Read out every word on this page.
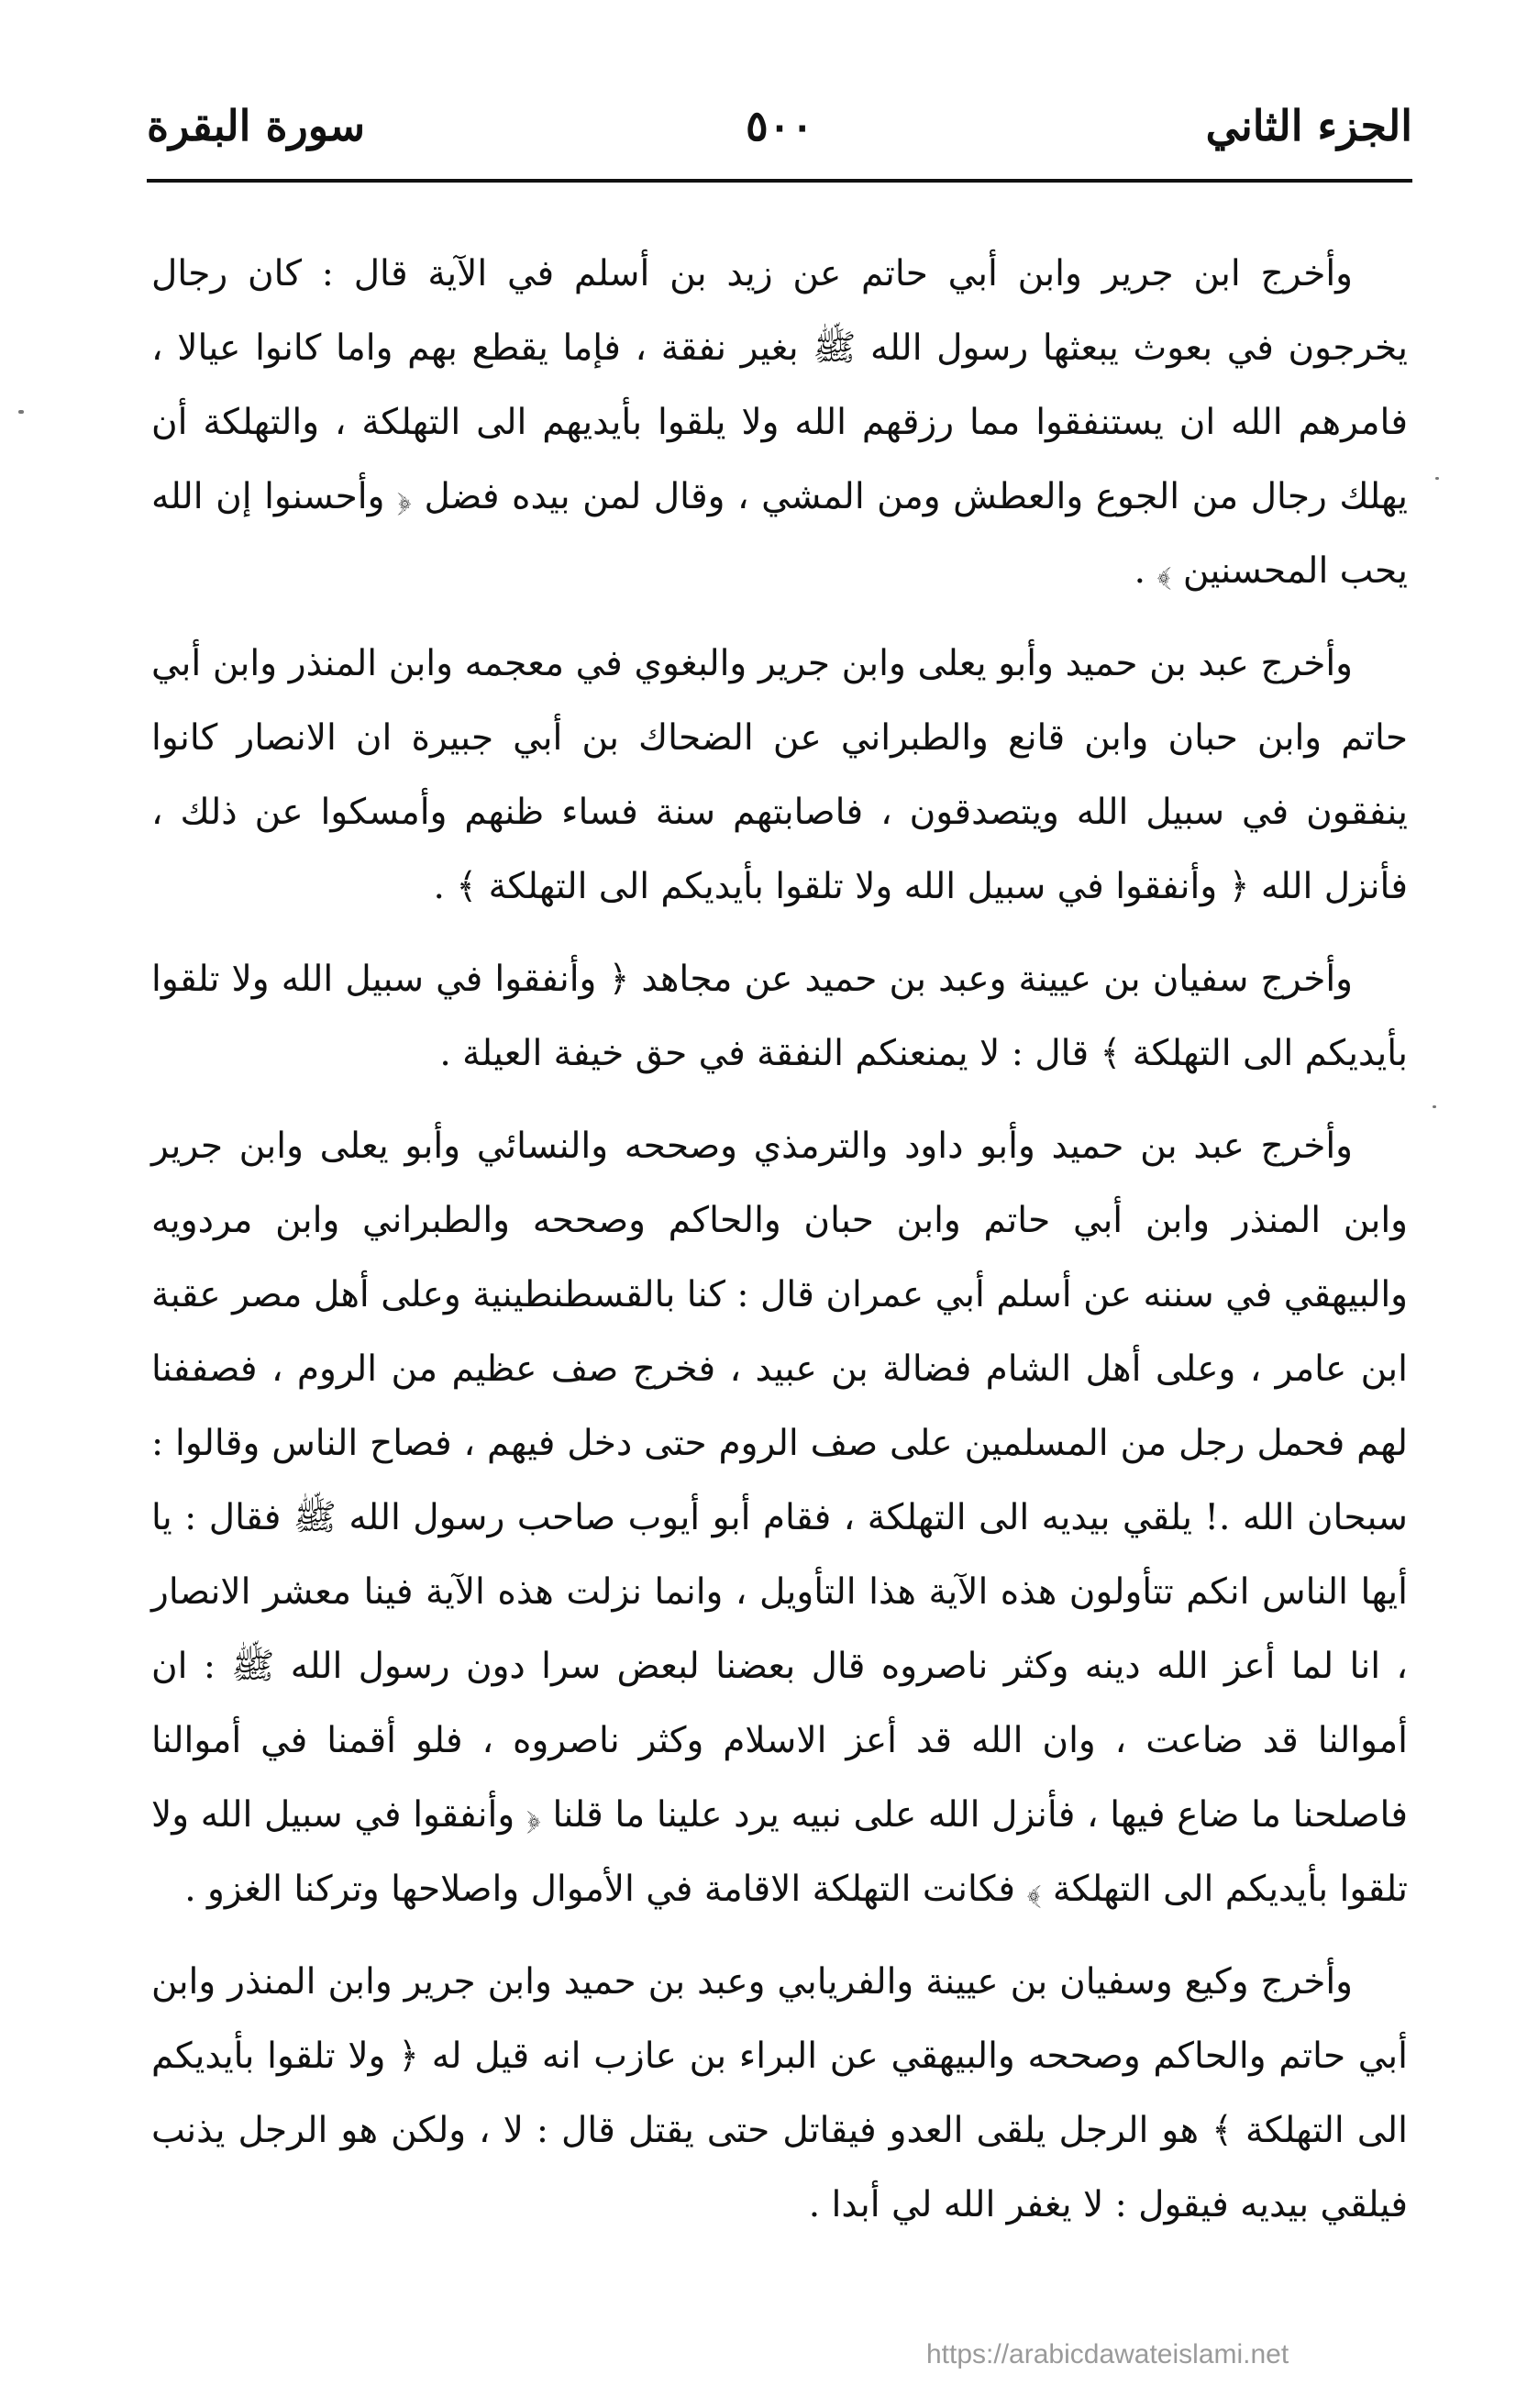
الجزء الثاني
٥٠٠
سورة البقرة

وأخرج ابن جرير وابن أبي حاتم عن زيد بن أسلم في الآية قال : كان رجال يخرجون في بعوث يبعثها رسول الله ﷺ بغير نفقة ، فإما يقطع بهم واما كانوا عيالا ، فامرهم الله ان يستنفقوا مما رزقهم الله ولا يلقوا بأيديهم الى التهلكة ، والتهلكة أن يهلك رجال من الجوع والعطش ومن المشي ، وقال لمن بيده فضل ﴿ وأحسنوا إن الله يحب المحسنين ﴾ .

وأخرج عبد بن حميد وأبو يعلى وابن جرير والبغوي في معجمه وابن المنذر وابن أبي حاتم وابن حبان وابن قانع والطبراني عن الضحاك بن أبي جبيرة ان الانصار كانوا ينفقون في سبيل الله ويتصدقون ، فاصابتهم سنة فساء ظنهم وأمسكوا عن ذلك ، فأنزل الله ﴿ وأنفقوا في سبيل الله ولا تلقوا بأيديكم الى التهلكة ﴾ .

وأخرج سفيان بن عيينة وعبد بن حميد عن مجاهد ﴿ وأنفقوا في سبيل الله ولا تلقوا بأيديكم الى التهلكة ﴾ قال : لا يمنعنكم النفقة في حق خيفة العيلة .

وأخرج عبد بن حميد وأبو داود والترمذي وصححه والنسائي وأبو يعلى وابن جرير وابن المنذر وابن أبي حاتم وابن حبان والحاكم وصححه والطبراني وابن مردويه والبيهقي في سننه عن أسلم أبي عمران قال : كنا بالقسطنطينية وعلى أهل مصر عقبة ابن عامر ، وعلى أهل الشام فضالة بن عبيد ، فخرج صف عظيم من الروم ، فصففنا لهم فحمل رجل من المسلمين على صف الروم حتى دخل فيهم ، فصاح الناس وقالوا : سبحان الله .! يلقي بيديه الى التهلكة ، فقام أبو أيوب صاحب رسول الله ﷺ فقال : يا أيها الناس انكم تتأولون هذه الآية هذا التأويل ، وانما نزلت هذه الآية فينا معشر الانصار ، انا لما أعز الله دينه وكثر ناصروه قال بعضنا لبعض سرا دون رسول الله ﷺ : ان أموالنا قد ضاعت ، وان الله قد أعز الاسلام وكثر ناصروه ، فلو أقمنا في أموالنا فاصلحنا ما ضاع فيها ، فأنزل الله على نبيه يرد علينا ما قلنا ﴿ وأنفقوا في سبيل الله ولا تلقوا بأيديكم الى التهلكة ﴾ فكانت التهلكة الاقامة في الأموال واصلاحها وتركنا الغزو .

وأخرج وكيع وسفيان بن عيينة والفريابي وعبد بن حميد وابن جرير وابن المنذر وابن أبي حاتم والحاكم وصححه والبيهقي عن البراء بن عازب انه قيل له ﴿ ولا تلقوا بأيديكم الى التهلكة ﴾ هو الرجل يلقى العدو فيقاتل حتى يقتل قال : لا ، ولكن هو الرجل يذنب فيلقي بيديه فيقول : لا يغفر الله لي أبدا .

https://arabicdawateislami.net
